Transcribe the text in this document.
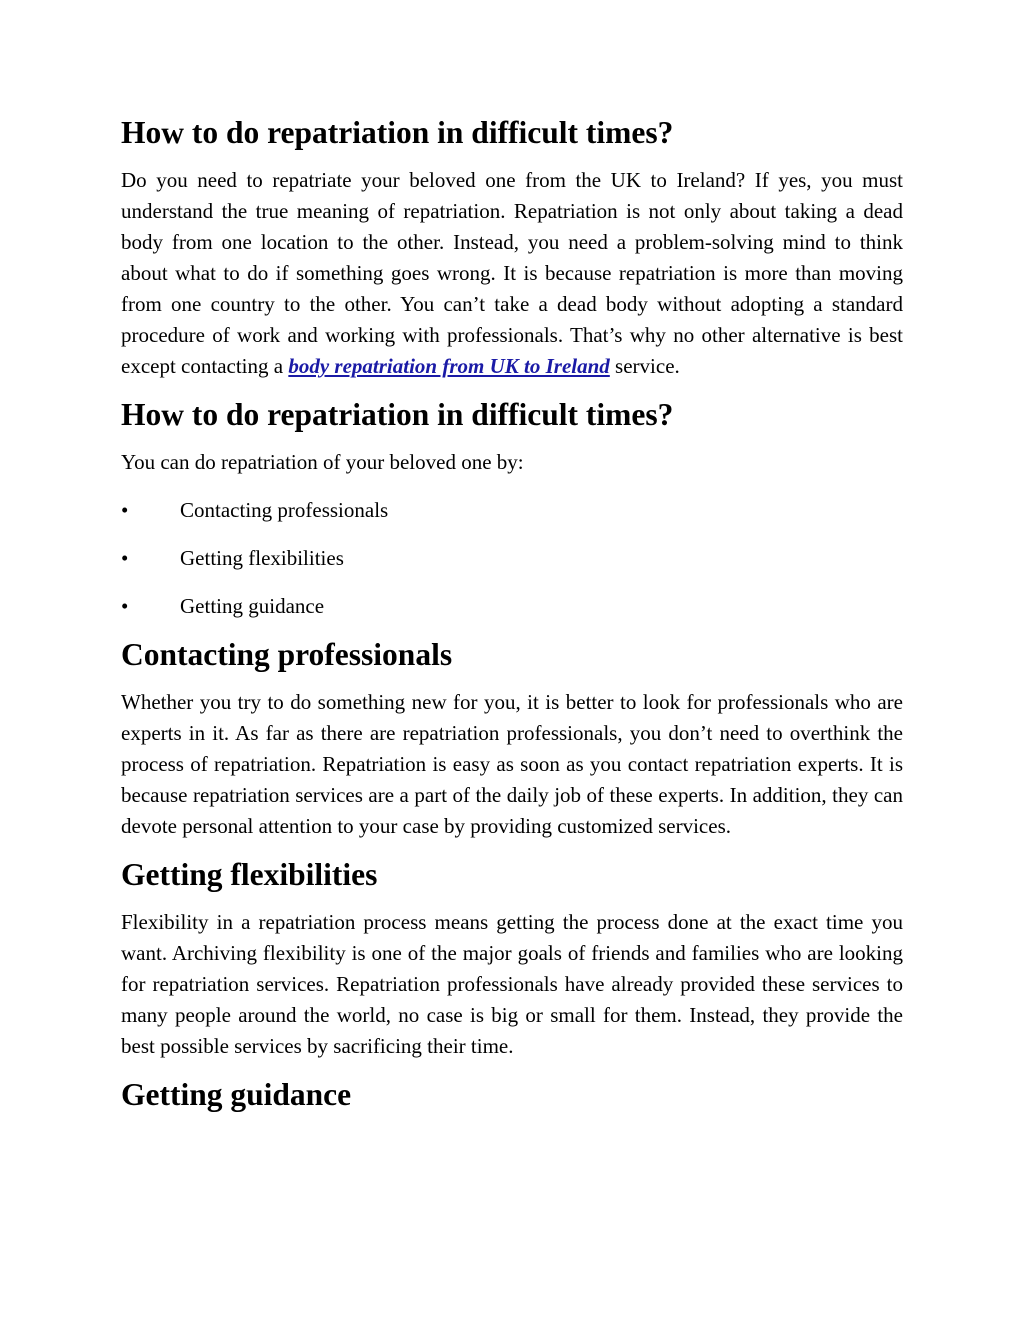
How to do repatriation in difficult times?

Do you need to repatriate your beloved one from the UK to Ireland? If yes, you must understand the true meaning of repatriation. Repatriation is not only about taking a dead body from one location to the other. Instead, you need a problem-solving mind to think about what to do if something goes wrong. It is because repatriation is more than moving from one country to the other. You can’t take a dead body without adopting a standard procedure of work and working with professionals. That’s why no other alternative is best except contacting a body repatriation from UK to Ireland service.

How to do repatriation in difficult times?

You can do repatriation of your beloved one by:

•	Contacting professionals
•	Getting flexibilities
•	Getting guidance
Contacting professionals

Whether you try to do something new for you, it is better to look for professionals who are experts in it. As far as there are repatriation professionals, you don’t need to overthink the process of repatriation. Repatriation is easy as soon as you contact repatriation experts. It is because repatriation services are a part of the daily job of these experts. In addition, they can devote personal attention to your case by providing customized services.

Getting flexibilities

Flexibility in a repatriation process means getting the process done at the exact time you want. Archiving flexibility is one of the major goals of friends and families who are looking for repatriation services. Repatriation professionals have already provided these services to many people around the world, no case is big or small for them. Instead, they provide the best possible services by sacrificing their time.

Getting guidance
